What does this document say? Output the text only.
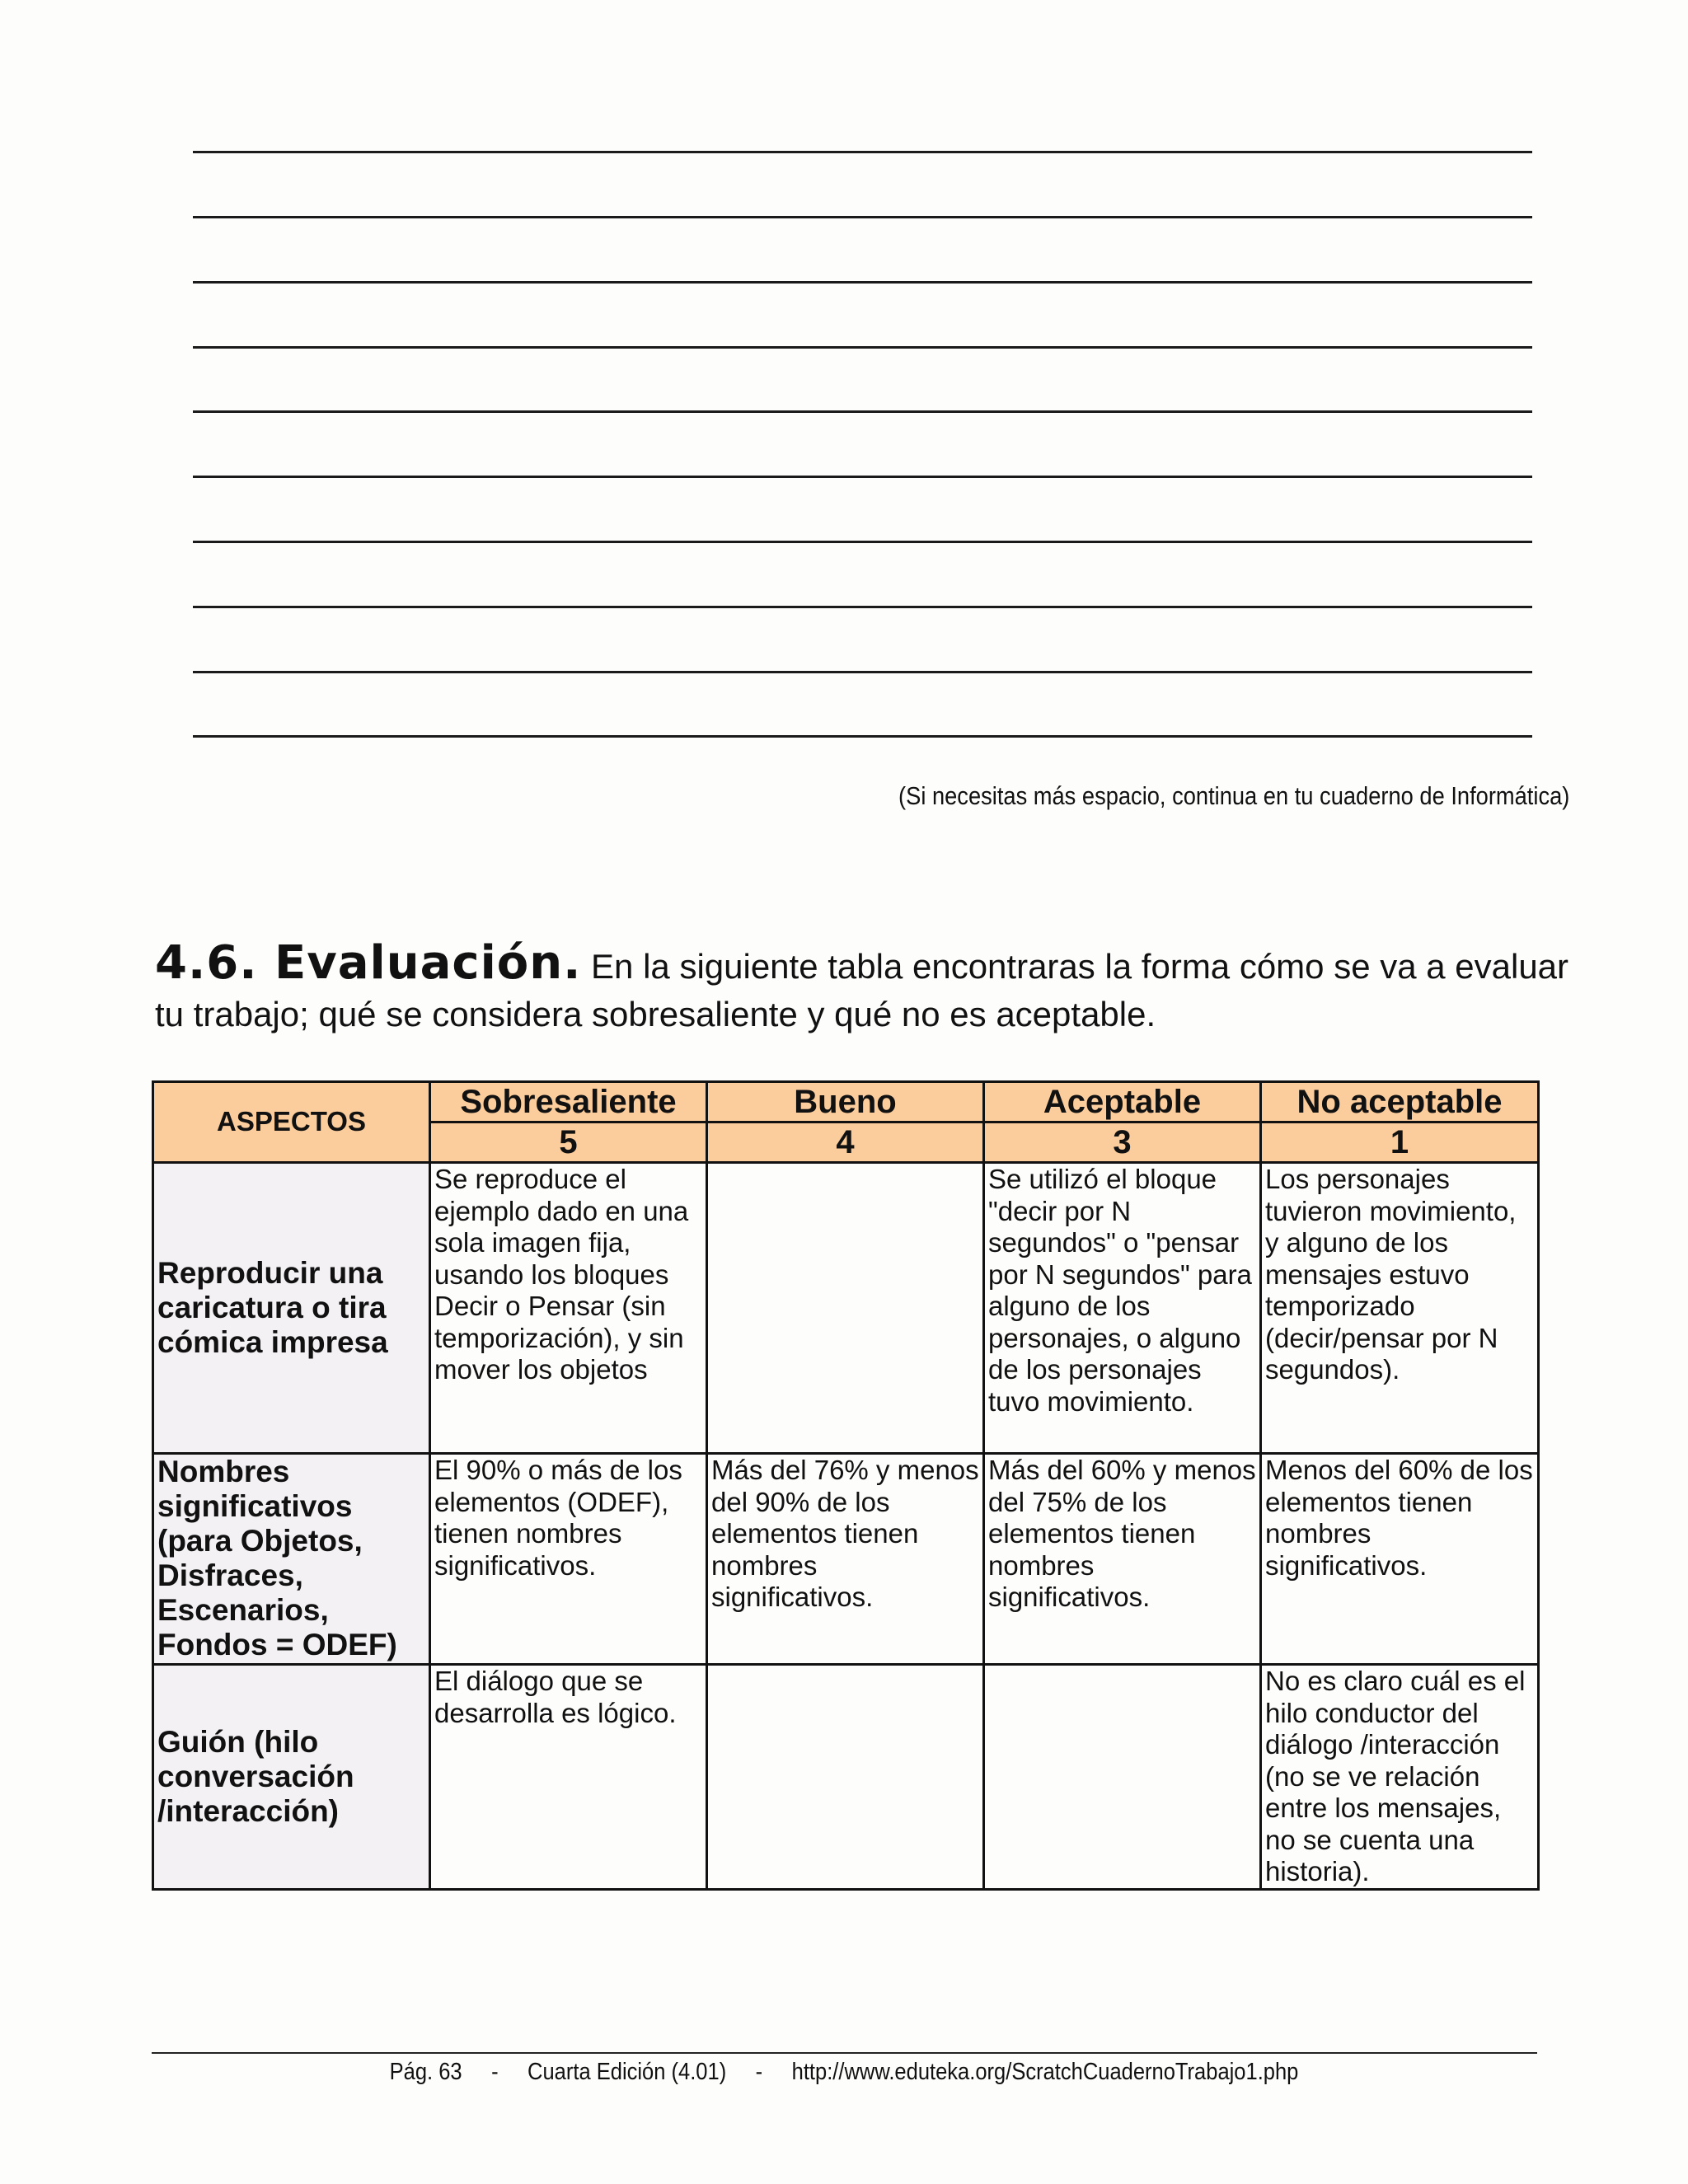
(Si necesitas más espacio, continua en tu cuaderno de Informática)
4.6. Evaluación. En la siguiente tabla encontraras la forma cómo se va a evaluar tu trabajo; qué se considera sobresaliente y qué no es aceptable.
ASPECTOS	Sobresaliente	Bueno	Aceptable	No aceptable
	5	4	3	1
Reproducir una caricatura o tira cómica impresa	Se reproduce el ejemplo dado en una sola imagen fija, usando los bloques Decir o Pensar (sin temporización), y sin mover los objetos		Se utilizó el bloque "decir por N segundos" o "pensar por N segundos" para alguno de los personajes, o alguno de los personajes tuvo movimiento.	Los personajes tuvieron movimiento, y alguno de los mensajes estuvo temporizado (decir/pensar por N segundos).
Nombres significativos (para Objetos, Disfraces, Escenarios, Fondos = ODEF)	El 90% o más de los elementos (ODEF), tienen nombres significativos.	Más del 76% y menos del 90% de los elementos tienen nombres significativos.	Más del 60% y menos del 75% de los elementos tienen nombres significativos.	Menos del 60% de los elementos tienen nombres significativos.
Guión (hilo conversación /interacción)	El diálogo que se desarrolla es lógico.			No es claro cuál es el hilo conductor del diálogo /interacción (no se ve relación entre los mensajes, no se cuenta una historia).
Pág. 63 - Cuarta Edición (4.01) - http://www.eduteka.org/ScratchCuadernoTrabajo1.php
